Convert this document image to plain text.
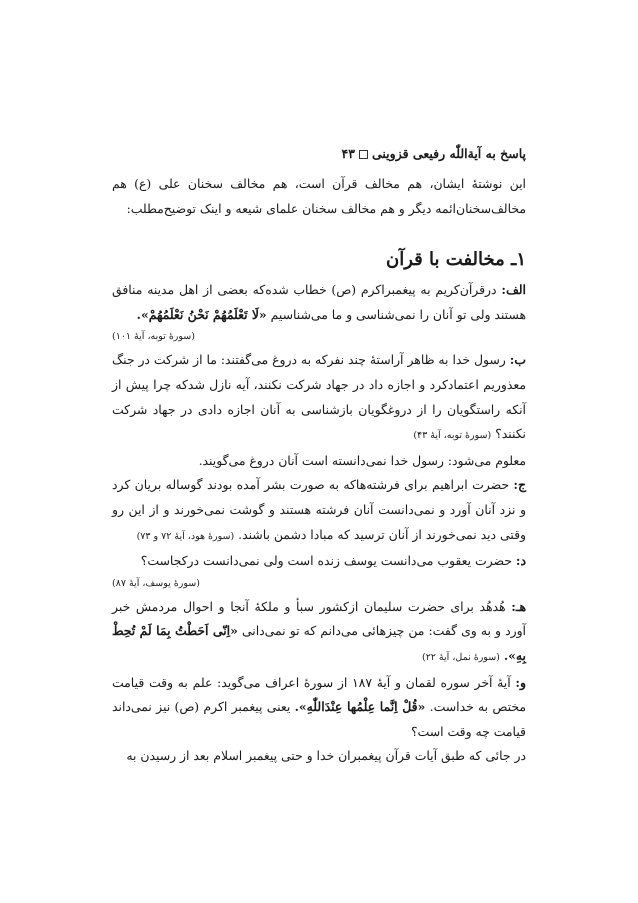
پاسخ به آیةاللّٰه رفیعی قزوینی۴۳

این نوشتهٔ ایشان، هم مخالف قرآن است، هم مخالف سخنان علی (ع) هم مخالف‌سخنان‌ائمه دیگر و هم مخالف سخنان علمای شیعه و اینک توضیح‌مطلب:

۱ـ مخالفت با قرآن

الف: درقرآن‌کریم به پیغمبراکرم (ص) خطاب شده‌که بعضی از اهل مدینه منافق هستند ولی تو آنان را نمی‌شناسی و ما می‌شناسیم «لَا تَعْلَمُهُمْ نَحْنُ نَعْلَمُهُمْ».

(سورهٔ توبه، آیهٔ ۱۰۱)

ب: رسول خدا به ظاهر آراستهٔ چند نفرکه به دروغ می‌گفتند: ما از شرکت در جنگ معذوریم اعتمادکرد و اجازه داد در جهاد شرکت نکنند، آیه نازل شدکه چرا پیش از آنکه راستگویان را از دروغگویان بازشناسی به آنان اجازه دادی در جهاد شرکت نکنند؟ (سورهٔ توبه، آیهٔ ۴۳)

معلوم می‌شود: رسول خدا نمی‌دانسته است آنان دروغ می‌گویند.

ج: حضرت ابراهیم برای فرشته‌هاکه به صورت بشر آمده بودند گوساله بریان کرد و نزد آنان آورد و نمی‌دانست آنان فرشته هستند و گوشت نمی‌خورند و از این رو وقتی دید نمی‌خورند از آنان ترسید که مبادا دشمن باشند. (سورهٔ هود، آیهٔ ۷۲ و ۷۳)

د: حضرت یعقوب می‌دانست یوسف زنده است ولی نمی‌دانست درکجاست؟

(سورهٔ یوسف، آیهٔ ۸۷)

هـ: هُدهُد برای حضرت سلیمان ازکشور سبأ و ملکهٔ آنجا و احوال مردمش خبر آورد و به وی گفت: من چیزهائی می‌دانم که تو نمی‌دانی «اِنّی اَحَطْتُ بِمَا لَمْ تُحِطْ بِهِ». (سورهٔ نمل، آیهٔ ۲۲)

و: آیهٔ آخر سوره لقمان و آیهٔ ۱۸۷ از سورهٔ اعراف می‌گوید: علم به وقت قیامت مختص به خداست. «قُلْ اِنَّما عِلْمُها عِنْدَاللّٰهِ». یعنی پیغمبر اکرم (ص) نیز نمی‌داند قیامت چه وقت است؟

در جائی که طبق آیات قرآن پیغمبران خدا و حتی پیغمبر اسلام بعد از رسیدن به
